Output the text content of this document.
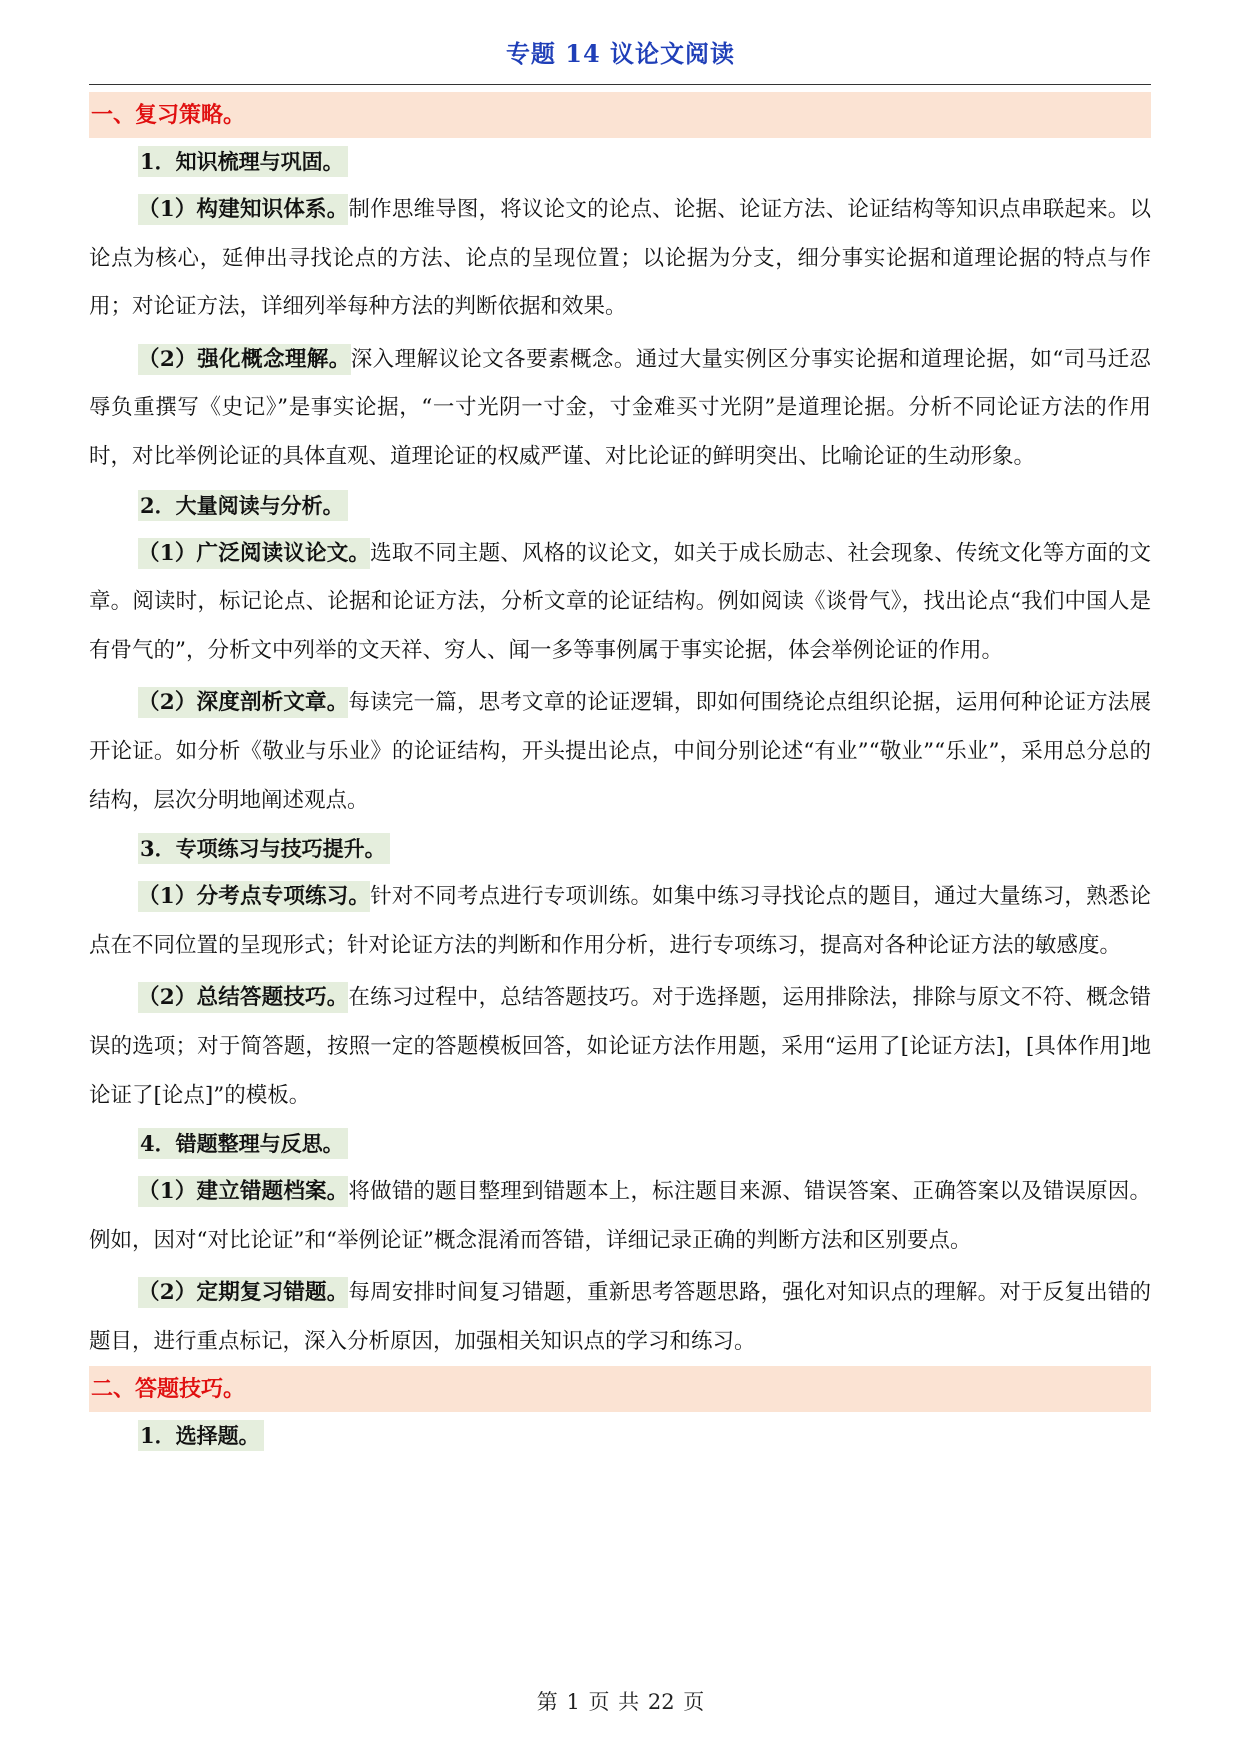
专题 14 议论文阅读
一、复习策略。
1．知识梳理与巩固。
（1）构建知识体系。制作思维导图，将议论文的论点、论据、论证方法、论证结构等知识点串联起来。以论点为核心，延伸出寻找论点的方法、论点的呈现位置；以论据为分支，细分事实论据和道理论据的特点与作用；对论证方法，详细列举每种方法的判断依据和效果。
（2）强化概念理解。深入理解议论文各要素概念。通过大量实例区分事实论据和道理论据，如“司马迁忍辱负重撰写《史记》”是事实论据，“一寸光阴一寸金，寸金难买寸光阴”是道理论据。分析不同论证方法的作用时，对比举例论证的具体直观、道理论证的权威严谨、对比论证的鲜明突出、比喻论证的生动形象。
2．大量阅读与分析。
（1）广泛阅读议论文。选取不同主题、风格的议论文，如关于成长励志、社会现象、传统文化等方面的文章。阅读时，标记论点、论据和论证方法，分析文章的论证结构。例如阅读《谈骨气》，找出论点“我们中国人是有骨气的”，分析文中列举的文天祥、穷人、闻一多等事例属于事实论据，体会举例论证的作用。
（2）深度剖析文章。每读完一篇，思考文章的论证逻辑，即如何围绕论点组织论据，运用何种论证方法展开论证。如分析《敬业与乐业》的论证结构，开头提出论点，中间分别论述“有业”“敬业”“乐业”，采用总分总的结构，层次分明地阐述观点。
3．专项练习与技巧提升。
（1）分考点专项练习。针对不同考点进行专项训练。如集中练习寻找论点的题目，通过大量练习，熟悉论点在不同位置的呈现形式；针对论证方法的判断和作用分析，进行专项练习，提高对各种论证方法的敏感度。
（2）总结答题技巧。在练习过程中，总结答题技巧。对于选择题，运用排除法，排除与原文不符、概念错误的选项；对于简答题，按照一定的答题模板回答，如论证方法作用题，采用“运用了[论证方法]，[具体作用]地论证了[论点]”的模板。
4．错题整理与反思。
（1）建立错题档案。将做错的题目整理到错题本上，标注题目来源、错误答案、正确答案以及错误原因。例如，因对“对比论证”和“举例论证”概念混淆而答错，详细记录正确的判断方法和区别要点。
（2）定期复习错题。每周安排时间复习错题，重新思考答题思路，强化对知识点的理解。对于反复出错的题目，进行重点标记，深入分析原因，加强相关知识点的学习和练习。
二、答题技巧。
1．选择题。
第 1 页 共 22 页
